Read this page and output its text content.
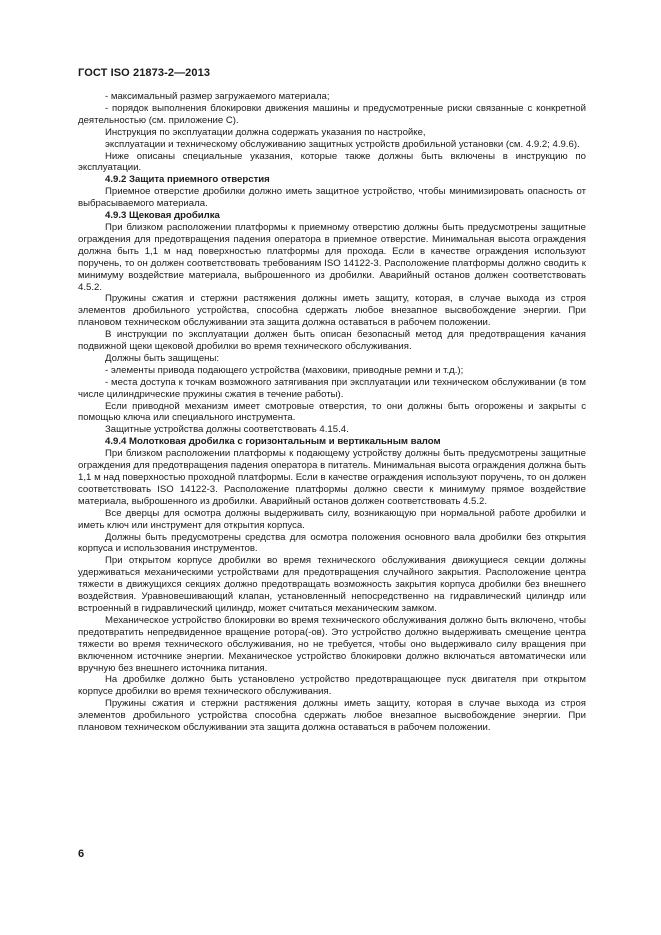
ГОСТ ISO 21873-2—2013

- максимальный размер загружаемого материала;

- порядок выполнения блокировки движения машины и предусмотренные риски связанные с конкретной деятельностью (см. приложение С).

Инструкция по эксплуатации должна содержать указания по настройке,

эксплуатации и техническому обслуживанию защитных устройств дробильной установки (см. 4.9.2; 4.9.6).

Ниже описаны специальные указания, которые также должны быть включены в инструкцию по эксплуатации.

4.9.2 Защита приемного отверстия

Приемное отверстие дробилки должно иметь защитное устройство, чтобы минимизировать опасность от выбрасываемого материала.

4.9.3 Щековая дробилка

При близком расположении платформы к приемному отверстию должны быть предусмотрены защитные ограждения для предотвращения падения оператора в приемное отверстие. Минимальная высота ограждения должна быть 1,1 м над поверхностью платформы для прохода. Если в качестве ограждения используют поручень, то он должен соответствовать требованиям ISO 14122-3. Расположение платформы должно сводить к минимуму воздействие материала, выброшенного из дробилки. Аварийный останов должен соответствовать 4.5.2.

Пружины сжатия и стержни растяжения должны иметь защиту, которая, в случае выхода из строя элементов дробильного устройства, способна сдержать любое внезапное высвобождение энергии. При плановом техническом обслуживании эта защита должна оставаться в рабочем положении.

В инструкции по эксплуатации должен быть описан безопасный метод для предотвращения качания подвижной щеки щековой дробилки во время технического обслуживания.

Должны быть защищены:

- элементы привода подающего устройства (маховики, приводные ремни и т.д.);

- места доступа к точкам возможного затягивания при эксплуатации или техническом обслуживании (в том числе цилиндрические пружины сжатия в течение работы).

Если приводной механизм имеет смотровые отверстия, то они должны быть огорожены и закрыты с помощью ключа или специального инструмента.

Защитные устройства должны соответствовать 4.15.4.

4.9.4 Молотковая дробилка с горизонтальным и вертикальным валом

При близком расположении платформы к подающему устройству должны быть предусмотрены защитные ограждения для предотвращения падения оператора в питатель. Минимальная высота ограждения должна быть 1,1 м над поверхностью проходной платформы. Если в качестве ограждения используют поручень, то он должен соответствовать ISO 14122-3. Расположение платформы должно свести к минимуму прямое воздействие материала, выброшенного из дробилки. Аварийный останов должен соответствовать 4.5.2.

Все дверцы для осмотра должны выдерживать силу, возникающую при нормальной работе дробилки и иметь ключ или инструмент для открытия корпуса.

Должны быть предусмотрены средства для осмотра положения основного вала дробилки без открытия корпуса и использования инструментов.

При открытом корпусе дробилки во время технического обслуживания движущиеся секции должны удерживаться механическими устройствами для предотвращения случайного закрытия. Расположение центра тяжести в движущихся секциях должно предотвращать возможность закрытия корпуса дробилки без внешнего воздействия. Уравновешивающий клапан, установленный непосредственно на гидравлический цилиндр или встроенный в гидравлический цилиндр, может считаться механическим замком.

Механическое устройство блокировки во время технического обслуживания должно быть включено, чтобы предотвратить непредвиденное вращение ротора(-ов). Это устройство должно выдерживать смещение центра тяжести во время технического обслуживания, но не требуется, чтобы оно выдерживало силу вращения при включенном источнике энергии. Механическое устройство блокировки должно включаться автоматически или вручную без внешнего источника питания.

На дробилке должно быть установлено устройство предотвращающее пуск двигателя при открытом корпусе дробилки во время технического обслуживания.

Пружины сжатия и стержни растяжения должны иметь защиту, которая в случае выхода из строя элементов дробильного устройства способна сдержать любое внезапное высвобождение энергии. При плановом техническом обслуживании эта защита должна оставаться в рабочем положении.

6
